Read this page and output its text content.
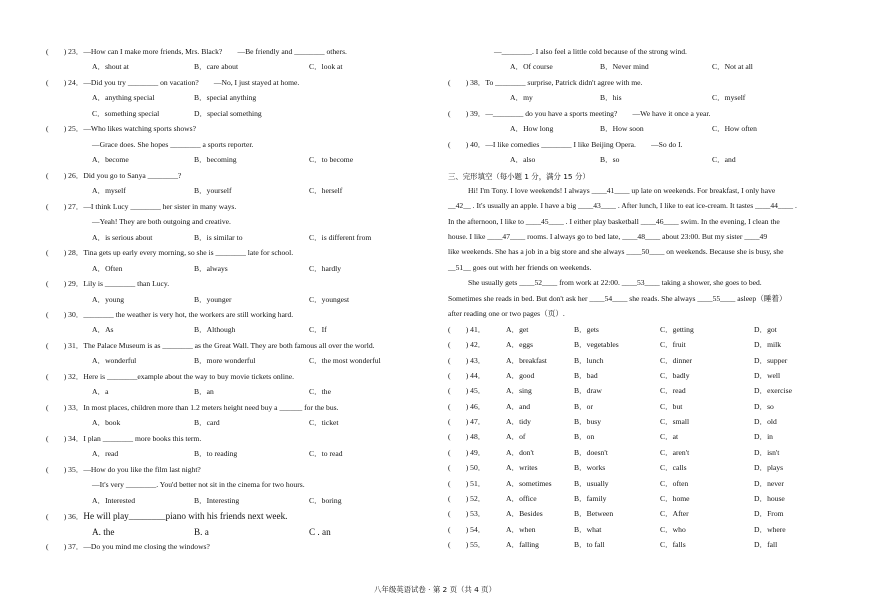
(　　) 23．—How can I make more friends, Mrs. Black?　　—Be friendly and ________ others.
A．shout at	B．care about	C．look at
(　　) 24．—Did you try ________ on vacation?　　—No, I just stayed at home.
A．anything special	B．special anything
C．something special	D．special something
(　　) 25．—Who likes watching sports shows?
—Grace does. She hopes ________ a sports reporter.
A．become	B．becoming	C．to become
(　　) 26．Did you go to Sanya ________?
A．myself	B．yourself	C．herself
(　　) 27．—I think Lucy ________ her sister in many ways.
—Yeah! They are both outgoing and creative.
A．is serious about	B．is similar to	C．is different from
(　　) 28．Tina gets up early every morning, so she is ________ late for school.
A．Often	B．always	C．hardly
(　　) 29．Lily is ________ than Lucy.
A．young	B．younger	C．youngest
(　　) 30．________ the weather is very hot, the workers are still working hard.
A．As	B．Although	C．If
(　　) 31．The Palace Museum is as ________ as the Great Wall. They are both famous all over the world.
A．wonderful	B．more wonderful	C．the most wonderful
(　　) 32．Here is ________example about the way to buy movie tickets online.
A．a	B．an	C．the
(　　) 33．In most places, children more than 1.2 meters height need buy a ______ for the bus.
A．book	B．card	C．ticket
(　　) 34．I plan ________ more books this term.
A．read	B．to reading	C．to read
(　　) 35．—How do you like the film last night?
—It's very ________. You'd better not sit in the cinema for two hours.
A．Interested	B．Interesting	C．boring
(　　) 36．He will play________piano with his friends next week.
A. the	B. a	C . an
(　　) 37．—Do you mind me closing the windows?
—________. I also feel a little cold because of the strong wind.
A．Of course	B．Never mind	C．Not at all
(　　) 38．To ________ surprise, Patrick didn't agree with me.
A．my	B．his	C．myself
(　　) 39．—________ do you have a sports meeting?　　—We have it once a year.
A．How long	B．How soon	C．How often
(　　) 40．—I like comedies ________ I like Beijing Opera.　　—So do I.
A．also	B．so	C．and
三、完形填空（每小题 1 分，满分 15 分）
Hi! I'm Tony. I love weekends! I always ____41____ up late on weekends. For breakfast, I only have
__42__ . It's usually an apple. I have a big ____43____ . After lunch, I like to eat ice-cream. It tastes ____44____ .
In the afternoon, I like to ____45____ . I either play basketball ____46____ swim. In the evening, I clean the
house. I like ____47____ rooms. I always go to bed late, ____48____ about 23:00. But my sister ____49
like weekends. She has a job in a big store and she always ____50____ on weekends. Because she is busy, she
__51__ goes out with her friends on weekends.
She usually gets ____52____ from work at 22:00. ____53____ taking a shower, she goes to bed.
Sometimes she reads in bed. But don't ask her ____54____ she reads. She always ____55____ asleep（睡着）
after reading one or two pages（页）.
(　　) 41．	A．get	B．gets	C．getting	D．got
(　　) 42．	A．eggs	B．vegetables	C．fruit	D．milk
(　　) 43．	A．breakfast	B．lunch	C．dinner	D．supper
(　　) 44．	A．good	B．bad	C．badly	D．well
(　　) 45．	A．sing	B．draw	C．read	D．exercise
(　　) 46．	A．and	B．or	C．but	D．so
(　　) 47．	A．tidy	B．busy	C．small	D．old
(　　) 48．	A．of	B．on	C．at	D．in
(　　) 49．	A．don't	B．doesn't	C．aren't	D．isn't
(　　) 50．	A．writes	B．works	C．calls	D．plays
(　　) 51．	A．sometimes	B．usually	C．often	D．never
(　　) 52．	A．office	B．family	C．home	D．house
(　　) 53．	A．Besides	B．Between	C．After	D．From
(　　) 54．	A．when	B．what	C．who	D．where
(　　) 55．	A．falling	B．to fall	C．falls	D．fall
八年级英语试卷 · 第 2 页（共 4 页）
